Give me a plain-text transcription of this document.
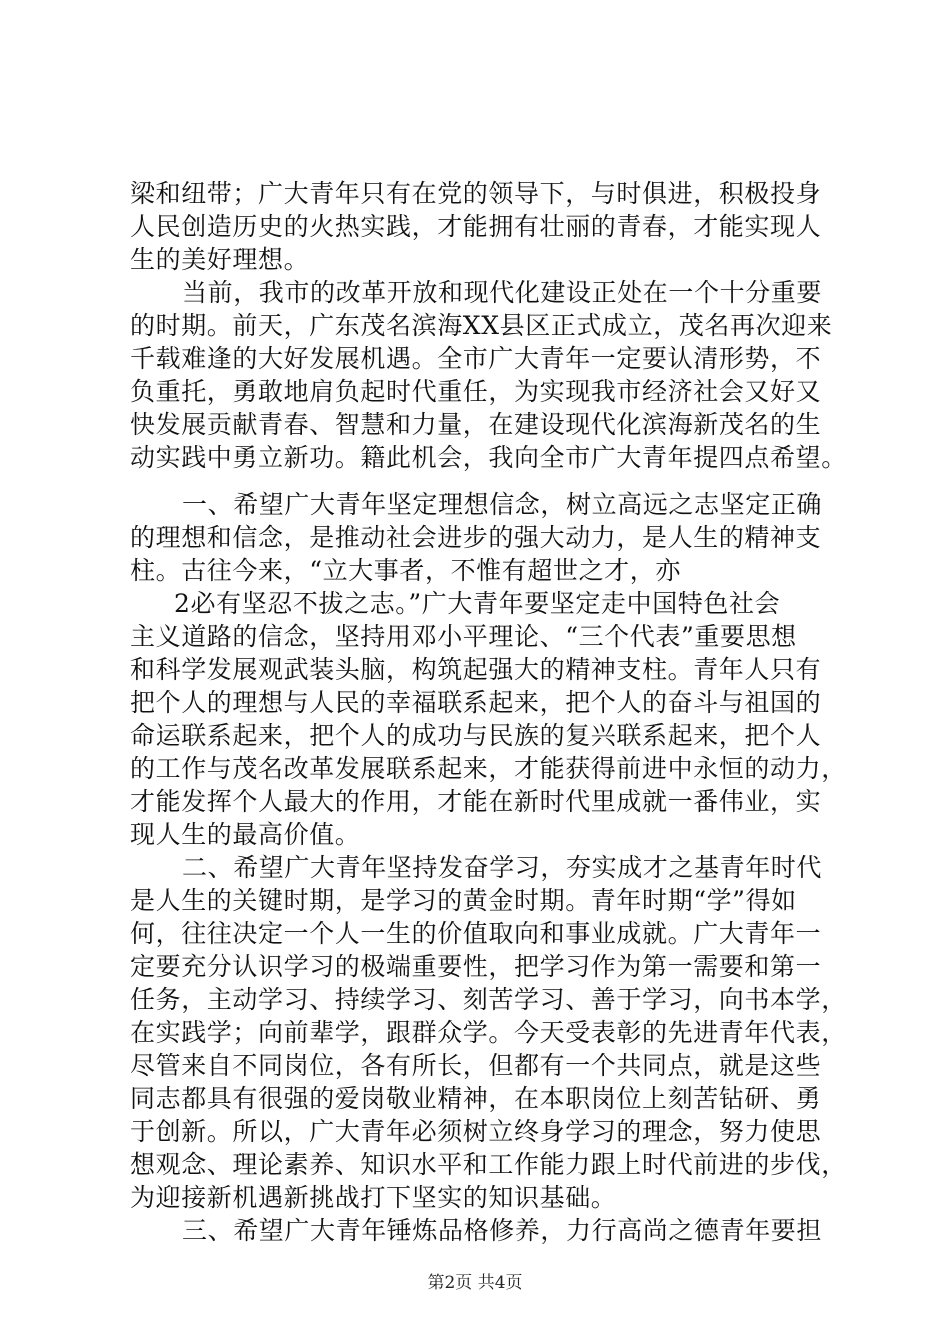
梁和纽带；广大青年只有在党的领导下，与时俱进，积极投身
人民创造历史的火热实践，才能拥有壮丽的青春，才能实现人
生的美好理想。
当前，我市的改革开放和现代化建设正处在一个十分重要
的时期。前天，广东茂名滨海XX县区正式成立，茂名再次迎来
千载难逢的大好发展机遇。全市广大青年一定要认清形势，不
负重托，勇敢地肩负起时代重任，为实现我市经济社会又好又
快发展贡献青春、智慧和力量，在建设现代化滨海新茂名的生
动实践中勇立新功。籍此机会，我向全市广大青年提四点希望。
一、希望广大青年坚定理想信念，树立高远之志坚定正确
的理想和信念，是推动社会进步的强大动力，是人生的精神支
柱。古往今来，“立大事者，不惟有超世之才，亦
2必有坚忍不拔之志。”广大青年要坚定走中国特色社会
主义道路的信念，坚持用邓小平理论、“三个代表”重要思想
和科学发展观武装头脑，构筑起强大的精神支柱。青年人只有
把个人的理想与人民的幸福联系起来，把个人的奋斗与祖国的
命运联系起来，把个人的成功与民族的复兴联系起来，把个人
的工作与茂名改革发展联系起来，才能获得前进中永恒的动力，
才能发挥个人最大的作用，才能在新时代里成就一番伟业，实
现人生的最高价值。
二、希望广大青年坚持发奋学习，夯实成才之基青年时代
是人生的关键时期，是学习的黄金时期。青年时期“学”得如
何，往往决定一个人一生的价值取向和事业成就。广大青年一
定要充分认识学习的极端重要性，把学习作为第一需要和第一
任务，主动学习、持续学习、刻苦学习、善于学习，向书本学，
在实践学；向前辈学，跟群众学。今天受表彰的先进青年代表，
尽管来自不同岗位，各有所长，但都有一个共同点，就是这些
同志都具有很强的爱岗敬业精神，在本职岗位上刻苦钻研、勇
于创新。所以，广大青年必须树立终身学习的理念，努力使思
想观念、理论素养、知识水平和工作能力跟上时代前进的步伐，
为迎接新机遇新挑战打下坚实的知识基础。
三、希望广大青年锤炼品格修养，力行高尚之德青年要担
第2页 共4页
